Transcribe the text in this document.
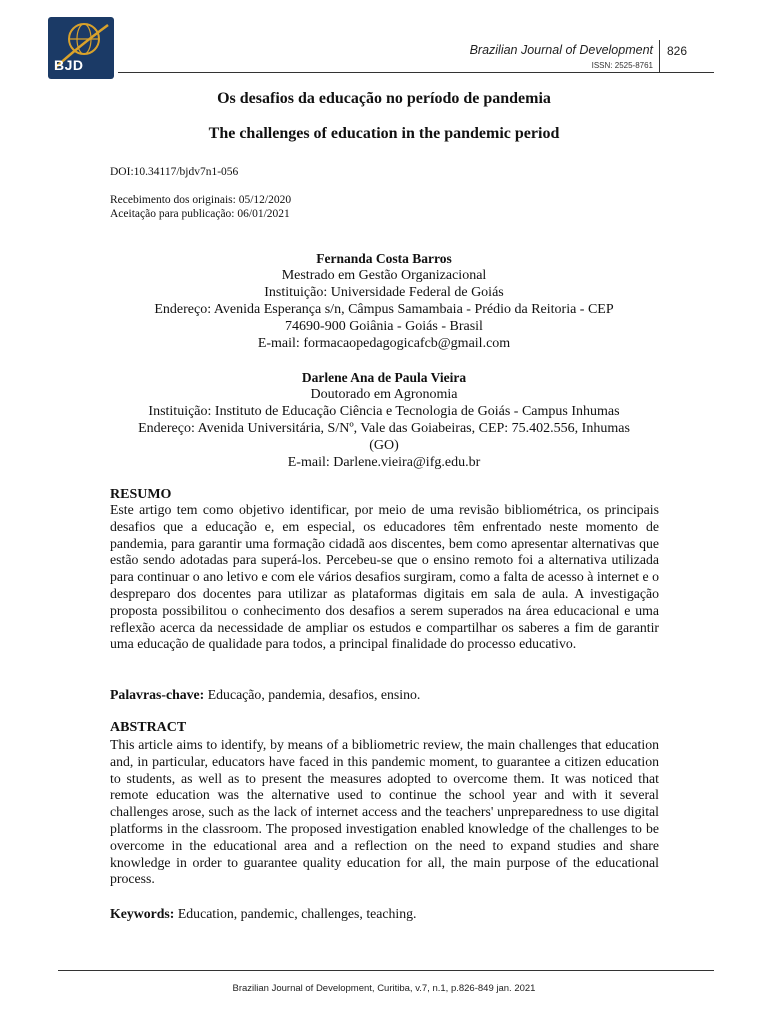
BJD
Brazilian Journal of Development
ISSN: 2525-8761
826
Os desafios da educação no período de pandemia
The challenges of education in the pandemic period
DOI:10.34117/bjdv7n1-056
Recebimento dos originais: 05/12/2020
Aceitação para publicação: 06/01/2021
Fernanda Costa Barros
Mestrado em Gestão Organizacional
Instituição: Universidade Federal de Goiás
Endereço: Avenida Esperança s/n, Câmpus Samambaia - Prédio da Reitoria - CEP
74690-900 Goiânia - Goiás - Brasil
E-mail: formacaopedagogicafcb@gmail.com
Darlene Ana de Paula Vieira
Doutorado em Agronomia
Instituição: Instituto de Educação Ciência e Tecnologia de Goiás - Campus Inhumas
Endereço: Avenida Universitária, S/Nº, Vale das Goiabeiras, CEP: 75.402.556, Inhumas
(GO)
E-mail: Darlene.vieira@ifg.edu.br
RESUMO

Este artigo tem como objetivo identificar, por meio de uma revisão bibliométrica, os principais desafios que a educação e, em especial, os educadores têm enfrentado neste momento de pandemia, para garantir uma formação cidadã aos discentes, bem como apresentar alternativas que estão sendo adotadas para superá-los. Percebeu-se que o ensino remoto foi a alternativa utilizada para continuar o ano letivo e com ele vários desafios surgiram, como a falta de acesso à internet e o despreparo dos docentes para utilizar as plataformas digitais em sala de aula. A investigação proposta possibilitou o conhecimento dos desafios a serem superados na área educacional e uma reflexão acerca da necessidade de ampliar os estudos e compartilhar os saberes a fim de garantir uma educação de qualidade para todos, a principal finalidade do processo educativo.

Palavras-chave: Educação, pandemia, desafios, ensino.
ABSTRACT

This article aims to identify, by means of a bibliometric review, the main challenges that education and, in particular, educators have faced in this pandemic moment, to guarantee a citizen education to students, as well as to present the measures adopted to overcome them. It was noticed that remote education was the alternative used to continue the school year and with it several challenges arose, such as the lack of internet access and the teachers' unpreparedness to use digital platforms in the classroom. The proposed investigation enabled knowledge of the challenges to be overcome in the educational area and a reflection on the need to expand studies and share knowledge in order to guarantee quality education for all, the main purpose of the educational process.

Keywords: Education, pandemic, challenges, teaching.
Brazilian Journal of Development, Curitiba, v.7, n.1, p.826-849 jan. 2021
